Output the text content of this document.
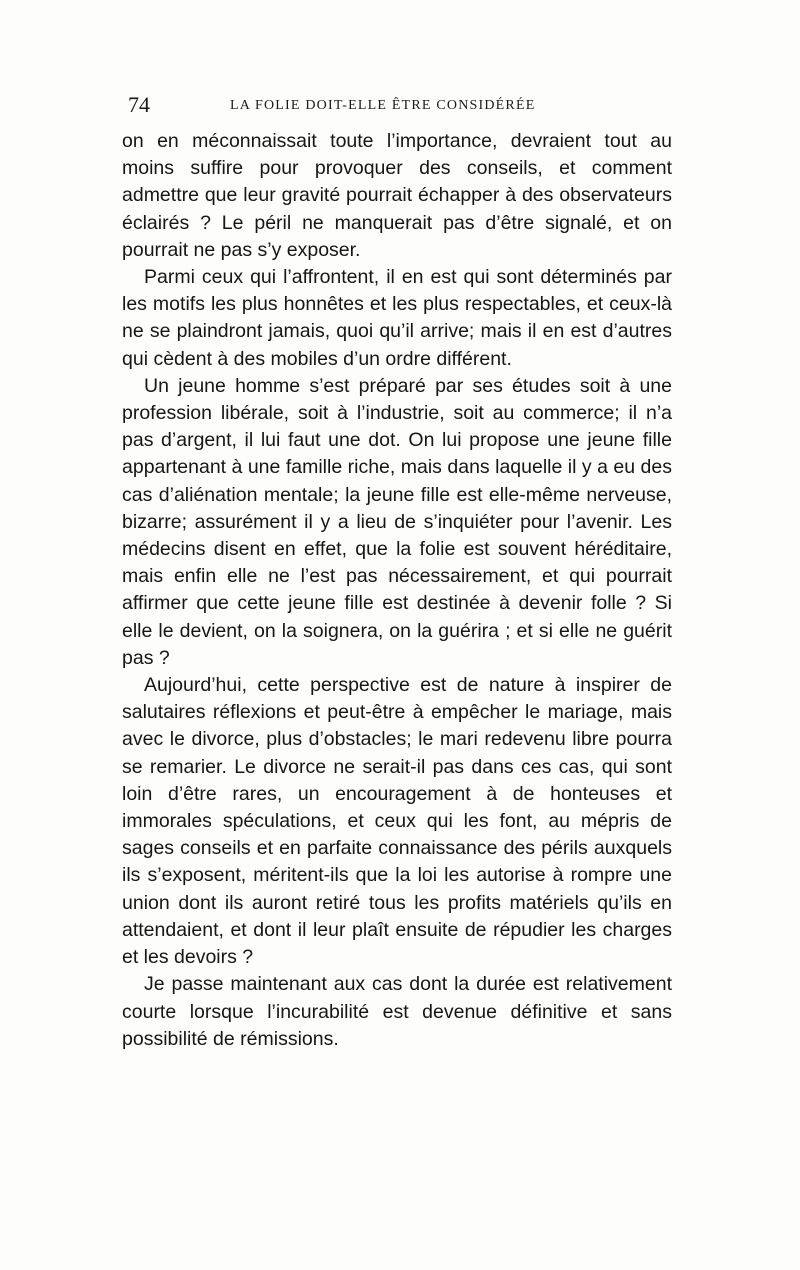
74	LA FOLIE DOIT-ELLE ÊTRE CONSIDÉRÉE

on en méconnaissait toute l’importance, devraient tout au moins suffire pour provoquer des conseils, et comment admettre que leur gravité pourrait échapper à des observateurs éclairés ? Le péril ne manquerait pas d’être signalé, et on pourrait ne pas s’y exposer.

Parmi ceux qui l’affrontent, il en est qui sont déterminés par les motifs les plus honnêtes et les plus respectables, et ceux-là ne se plaindront jamais, quoi qu’il arrive; mais il en est d’autres qui cèdent à des mobiles d’un ordre différent.

Un jeune homme s’est préparé par ses études soit à une profession libérale, soit à l’industrie, soit au commerce; il n’a pas d’argent, il lui faut une dot. On lui propose une jeune fille appartenant à une famille riche, mais dans laquelle il y a eu des cas d’aliénation mentale; la jeune fille est elle-même nerveuse, bizarre; assurément il y a lieu de s’inquiéter pour l’avenir. Les médecins disent en effet, que la folie est souvent héréditaire, mais enfin elle ne l’est pas nécessairement, et qui pourrait affirmer que cette jeune fille est destinée à devenir folle ? Si elle le devient, on la soignera, on la guérira ; et si elle ne guérit pas ?

Aujourd’hui, cette perspective est de nature à inspirer de salutaires réflexions et peut-être à empêcher le mariage, mais avec le divorce, plus d’obstacles; le mari redevenu libre pourra se remarier. Le divorce ne serait-il pas dans ces cas, qui sont loin d’être rares, un encouragement à de honteuses et immorales spéculations, et ceux qui les font, au mépris de sages conseils et en parfaite connaissance des périls auxquels ils s’exposent, méritent-ils que la loi les autorise à rompre une union dont ils auront retiré tous les profits matériels qu’ils en attendaient, et dont il leur plaît ensuite de répudier les charges et les devoirs ?

Je passe maintenant aux cas dont la durée est relativement courte lorsque l’incurabilité est devenue définitive et sans possibilité de rémissions.
